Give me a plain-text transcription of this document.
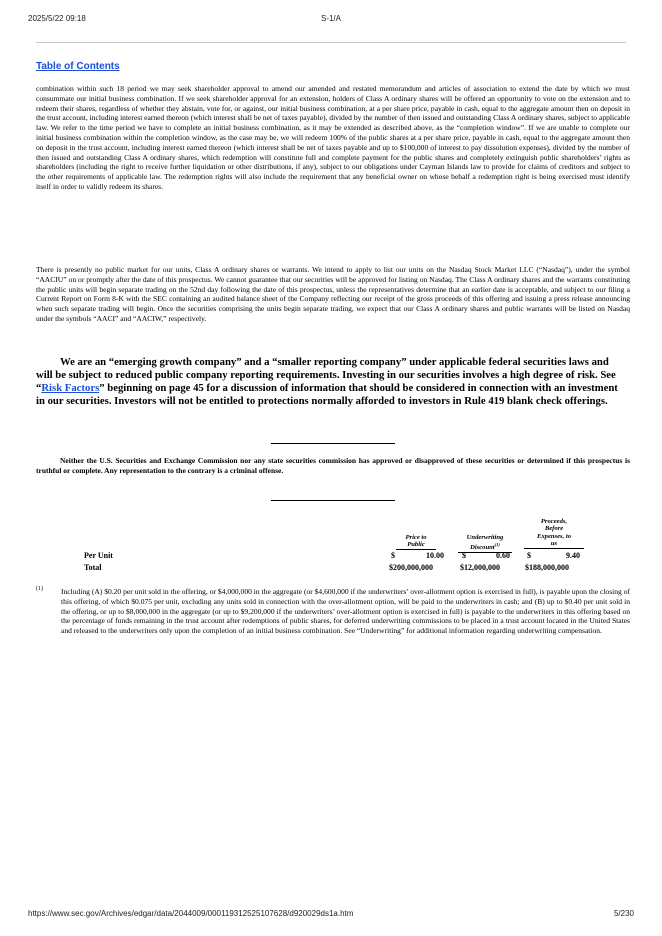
2025/5/22 09:18	S-1/A
Table of Contents

combination within such 18 period we may seek shareholder approval to amend our amended and restated memorandum and articles of association to extend the date by which we must consummate our initial business combination. If we seek shareholder approval for an extension, holders of Class A ordinary shares will be offered an opportunity to vote on the extension and to redeem their shares, regardless of whether they abstain, vote for, or against, our initial business combination, at a per share price, payable in cash, equal to the aggregate amount then on deposit in the trust account, including interest earned thereon (which interest shall be net of taxes payable), divided by the number of then issued and outstanding Class A ordinary shares, subject to applicable law. We refer to the time period we have to complete an initial business combination, as it may be extended as described above, as the “completion window”. If we are unable to complete our initial business combination within the completion window, as the case may be, we will redeem 100% of the public shares at a per share price, payable in cash, equal to the aggregate amount then on deposit in the trust account, including interest earned thereon (which interest shall be net of taxes payable and up to $100,000 of interest to pay dissolution expenses), divided by the number of then issued and outstanding Class A ordinary shares, which redemption will constitute full and complete payment for the public shares and completely extinguish public shareholders’ rights as shareholders (including the right to receive further liquidation or other distributions, if any), subject to our obligations under Cayman Islands law to provide for claims of creditors and subject to the other requirements of applicable law. The redemption rights will also include the requirement that any beneficial owner on whose behalf a redemption right is being exercised must identify itself in order to validly redeem its shares.

There is presently no public market for our units, Class A ordinary shares or warrants. We intend to apply to list our units on the Nasdaq Stock Market LLC (“Nasdaq”), under the symbol “AACIU” on or promptly after the date of this prospectus. We cannot guarantee that our securities will be approved for listing on Nasdaq. The Class A ordinary shares and the warrants constituting the public units will begin separate trading on the 52nd day following the date of this prospectus, unless the representatives determine that an earlier date is acceptable, and subject to our filing a Current Report on Form 8-K with the SEC containing an audited balance sheet of the Company reflecting our receipt of the gross proceeds of this offering and issuing a press release announcing when such separate trading will begin. Once the securities comprising the units begin separate trading, we expect that our Class A ordinary shares and public warrants will be listed on Nasdaq under the symbols “AACI” and “AACIW,” respectively.

We are an “emerging growth company” and a “smaller reporting company” under applicable federal securities laws and will be subject to reduced public company reporting requirements. Investing in our securities involves a high degree of risk. See “Risk Factors” beginning on page 45 for a discussion of information that should be considered in connection with an investment in our securities. Investors will not be entitled to protections normally afforded to investors in Rule 419 blank check offerings.

Neither the U.S. Securities and Exchange Commission nor any state securities commission has approved or disapproved of these securities or determined if this prospectus is truthful or complete. Any representation to the contrary is a criminal offense.

Price to
Public
Underwriting
Discount$^{(1)}$
Proceeds,
Before
Expenses, to
us
Per Unit	$	10.00 $	0.60 $	9.40
Total	$200,000,000	$12,000,000	$188,000,000
(1) Including (A) $0.20 per unit sold in the offering, or $4,000,000 in the aggregate (or $4,600,000 if the underwriters’ over-allotment option is exercised in full), is payable upon the closing of this offering, of which $0.075 per unit, excluding any units sold in connection with the over-allotment option, will be paid to the underwriters in cash; and (B) up to $0.40 per unit sold in the offering, or up to $8,000,000 in the aggregate (or up to $9,200,000 if the underwriters’ over-allotment option is exercised in full) is payable to the underwriters in this offering based on the percentage of funds remaining in the trust account after redemptions of public shares, for deferred underwriting commissions to be placed in a trust account located in the United States and released to the underwriters only upon the completion of an initial business combination. See “Underwriting” for additional information regarding underwriting compensation.
https://www.sec.gov/Archives/edgar/data/2044009/000119312525107628/d920029ds1a.htm	5/230
